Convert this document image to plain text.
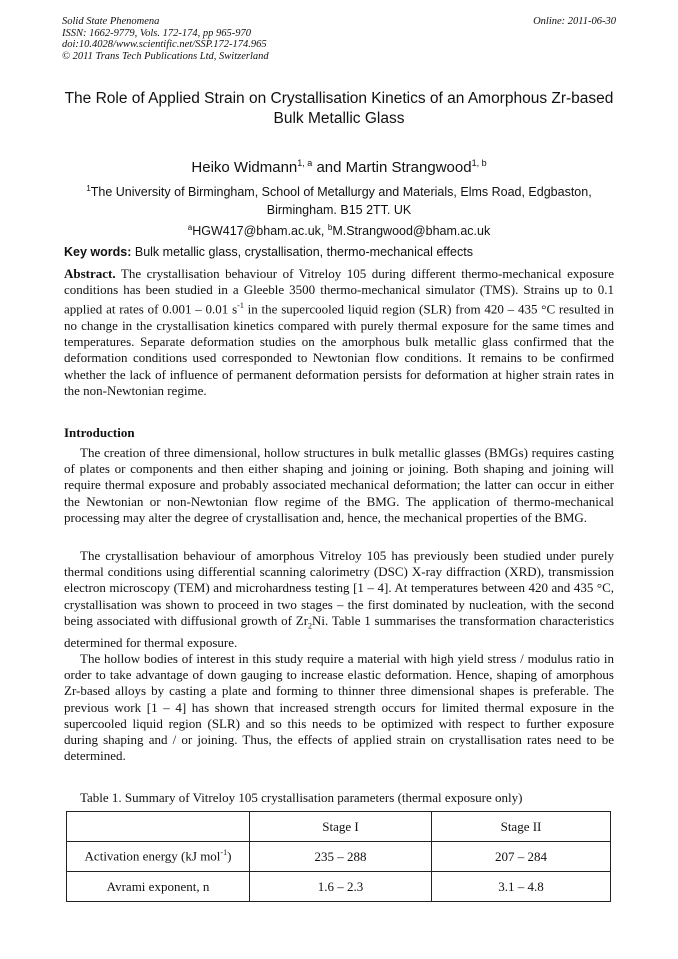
Solid State Phenomena
ISSN: 1662-9779, Vols. 172-174, pp 965-970
doi:10.4028/www.scientific.net/SSP.172-174.965
© 2011 Trans Tech Publications Ltd, Switzerland
Online: 2011-06-30
The Role of Applied Strain on Crystallisation Kinetics of an Amorphous Zr-based Bulk Metallic Glass
Heiko Widmann$^{1, a}$ and Martin Strangwood$^{1, b}$
$^1$The University of Birmingham, School of Metallurgy and Materials, Elms Road, Edgbaston, Birmingham. B15 2TT. UK
$^a$HGW417@bham.ac.uk, $^b$M.Strangwood@bham.ac.uk
Key words: Bulk metallic glass, crystallisation, thermo-mechanical effects
Abstract. The crystallisation behaviour of Vitreloy 105 during different thermo-mechanical exposure conditions has been studied in a Gleeble 3500 thermo-mechanical simulator (TMS). Strains up to 0.1 applied at rates of 0.001 – 0.01 $s^{-1}$ in the supercooled liquid region (SLR) from 420 – 435 °C resulted in no change in the crystallisation kinetics compared with purely thermal exposure for the same times and temperatures. Separate deformation studies on the amorphous bulk metallic glass confirmed that the deformation conditions used corresponded to Newtonian flow conditions. It remains to be confirmed whether the lack of influence of permanent deformation persists for deformation at higher strain rates in the non-Newtonian regime.
Introduction
The creation of three dimensional, hollow structures in bulk metallic glasses (BMGs) requires casting of plates or components and then either shaping and joining or joining. Both shaping and joining will require thermal exposure and probably associated mechanical deformation; the latter can occur in either the Newtonian or non-Newtonian flow regime of the BMG. The application of thermo-mechanical processing may alter the degree of crystallisation and, hence, the mechanical properties of the BMG.
The crystallisation behaviour of amorphous Vitreloy 105 has previously been studied under purely thermal conditions using differential scanning calorimetry (DSC) X-ray diffraction (XRD), transmission electron microscopy (TEM) and microhardness testing [1 – 4]. At temperatures between 420 and 435 °C, crystallisation was shown to proceed in two stages – the first dominated by nucleation, with the second being associated with diffusional growth of $Zr_2Ni$. Table 1 summarises the transformation characteristics determined for thermal exposure.
The hollow bodies of interest in this study require a material with high yield stress / modulus ratio in order to take advantage of down gauging to increase elastic deformation. Hence, shaping of amorphous Zr-based alloys by casting a plate and forming to thinner three dimensional shapes is preferable. The previous work [1 – 4] has shown that increased strength occurs for limited thermal exposure in the supercooled liquid region (SLR) and so this needs to be optimized with respect to further exposure during shaping and / or joining. Thus, the effects of applied strain on crystallisation rates need to be determined.
Table 1. Summary of Vitreloy 105 crystallisation parameters (thermal exposure only)
	Stage I	Stage II
Activation energy (kJ mol$^{-1}$)	235 – 288	207 – 284
Avrami exponent, n	1.6 – 2.3	3.1 – 4.8
